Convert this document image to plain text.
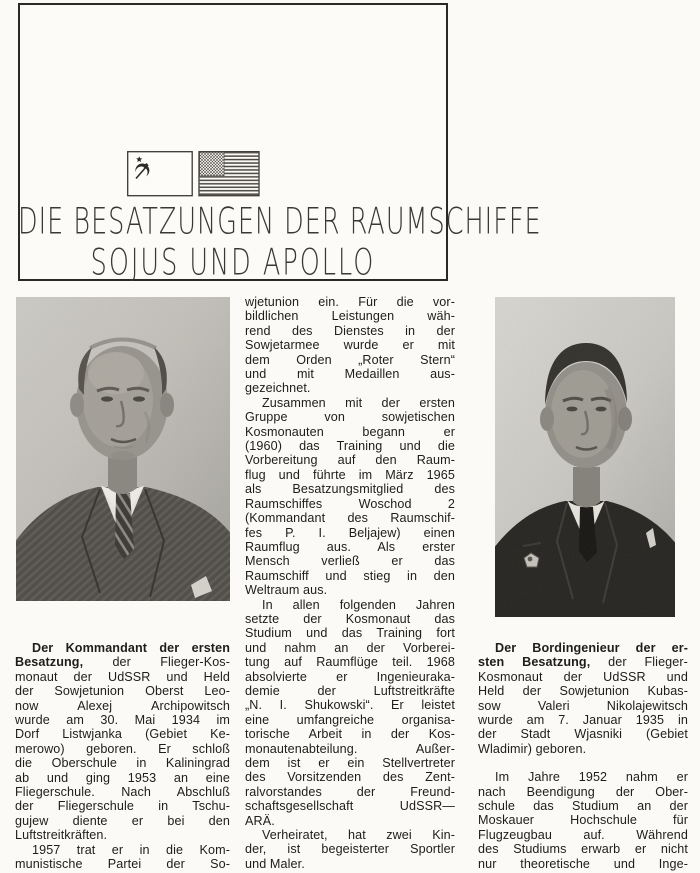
DIE BESATZUNGEN DER RAUMSCHIFFE
SOJUS UND APOLLO
Der Kommandant der ersten
Besatzung, der Flieger-Kos-
monaut der UdSSR und Held
der Sowjetunion Oberst Leo-
now Alexej Archipowitsch
wurde am 30. Mai 1934 im
Dorf Listwjanka (Gebiet Ke-
merowo) geboren. Er schloß
die Oberschule in Kaliningrad
ab und ging 1953 an eine
Fliegerschule. Nach Abschluß
der Fliegerschule in Tschu-
gujew diente er bei den
Luftstreitkräften.
1957 trat er in die Kom-
munistische Partei der So-
wjetunion ein. Für die vor-
bildlichen Leistungen wäh-
rend des Dienstes in der
Sowjetarmee wurde er mit
dem Orden „Roter Stern“
und mit Medaillen aus-
gezeichnet.
Zusammen mit der ersten
Gruppe von sowjetischen
Kosmonauten begann er
(1960) das Training und die
Vorbereitung auf den Raum-
flug und führte im März 1965
als Besatzungsmitglied des
Raumschiffes Woschod 2
(Kommandant des Raumschif-
fes P. I. Beljajew) einen
Raumflug aus. Als erster
Mensch verließ er das
Raumschiff und stieg in den
Weltraum aus.
In allen folgenden Jahren
setzte der Kosmonaut das
Studium und das Training fort
und nahm an der Vorberei-
tung auf Raumflüge teil. 1968
absolvierte er Ingenieuraka-
demie der Luftstreitkräfte
„N. I. Shukowski“. Er leistet
eine umfangreiche organisa-
torische Arbeit in der Kos-
monautenabteilung. Außer-
dem ist er ein Stellvertreter
des Vorsitzenden des Zent-
ralvorstandes der Freund-
schaftsgesellschaft UdSSR—
ARÄ.
Verheiratet, hat zwei Kin-
der, ist begeisterter Sportler
und Maler.
Der Bordingenieur der er-
sten Besatzung, der Flieger-
Kosmonaut der UdSSR und
Held der Sowjetunion Kubas-
sow Valeri Nikolajewitsch
wurde am 7. Januar 1935 in
der Stadt Wjasniki (Gebiet
Wladimir) geboren.
Im Jahre 1952 nahm er
nach Beendigung der Ober-
schule das Studium an der
Moskauer Hochschule für
Flugzeugbau auf. Während
des Studiums erwarb er nicht
nur theoretische und Inge-
